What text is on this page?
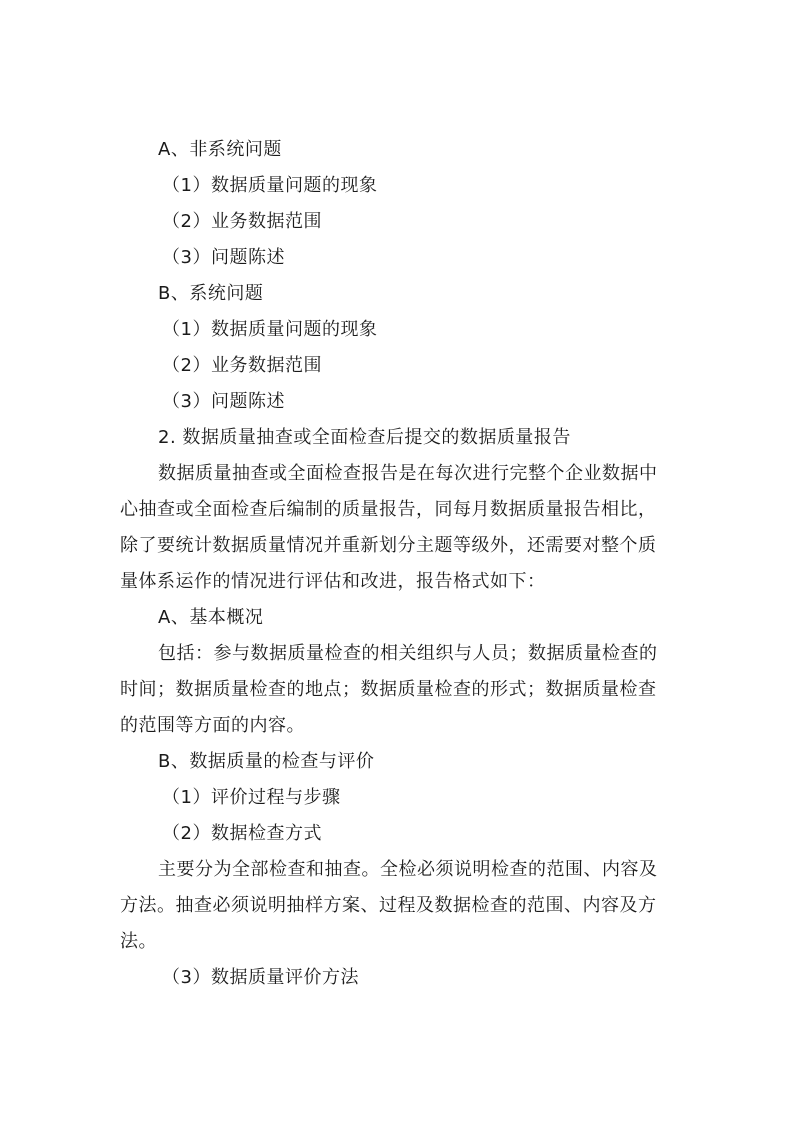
A、非系统问题
（1）数据质量问题的现象
（2）业务数据范围
（3）问题陈述
B、系统问题
（1）数据质量问题的现象
（2）业务数据范围
（3）问题陈述
2. 数据质量抽查或全面检查后提交的数据质量报告
数据质量抽查或全面检查报告是在每次进行完整个企业数据中
心抽查或全面检查后编制的质量报告，同每月数据质量报告相比，
除了要统计数据质量情况并重新划分主题等级外，还需要对整个质
量体系运作的情况进行评估和改进，报告格式如下：
A、基本概况
包括：参与数据质量检查的相关组织与人员；数据质量检查的
时间；数据质量检查的地点；数据质量检查的形式；数据质量检查
的范围等方面的内容。
B、数据质量的检查与评价
（1）评价过程与步骤
（2）数据检查方式
主要分为全部检查和抽查。全检必须说明检查的范围、内容及
方法。抽查必须说明抽样方案、过程及数据检查的范围、内容及方
法。
（3）数据质量评价方法
